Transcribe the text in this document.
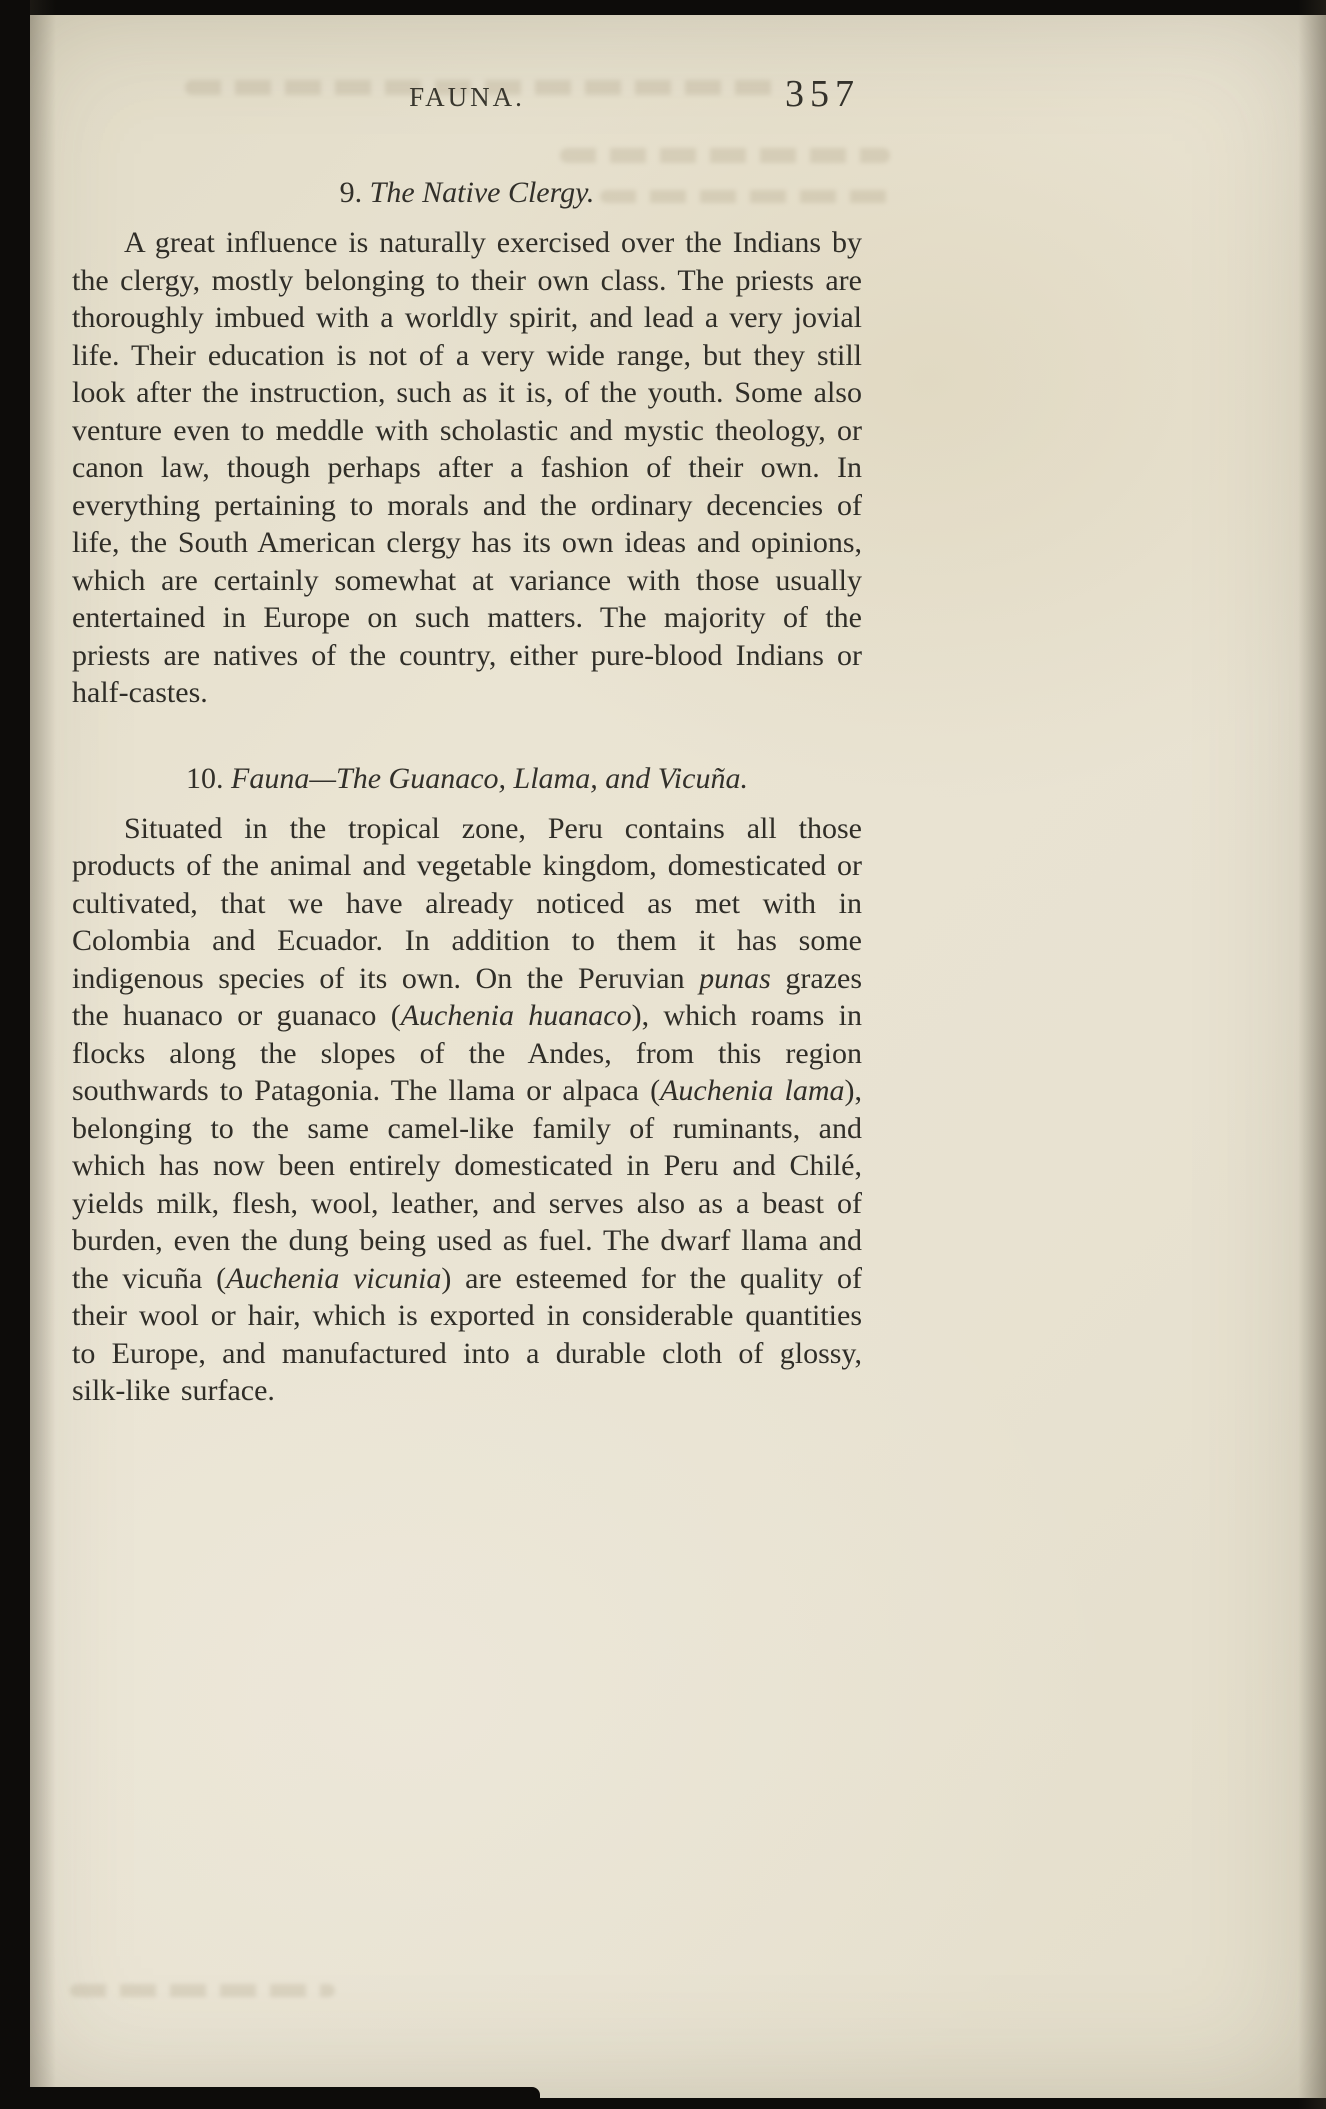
FAUNA.	357
9. The Native Clergy.

A great influence is naturally exercised over the Indians by the clergy, mostly belonging to their own class. The priests are thoroughly imbued with a worldly spirit, and lead a very jovial life. Their education is not of a very wide range, but they still look after the instruction, such as it is, of the youth. Some also venture even to meddle with scholastic and mystic theology, or canon law, though perhaps after a fashion of their own. In everything pertaining to morals and the ordinary decencies of life, the South American clergy has its own ideas and opinions, which are certainly somewhat at variance with those usually entertained in Europe on such matters. The majority of the priests are natives of the country, either pure-blood Indians or half-castes.

10. Fauna—The Guanaco, Llama, and Vicuña.

Situated in the tropical zone, Peru contains all those products of the animal and vegetable kingdom, domesticated or cultivated, that we have already noticed as met with in Colombia and Ecuador. In addition to them it has some indigenous species of its own. On the Peruvian punas grazes the huanaco or guanaco (Auchenia huanaco), which roams in flocks along the slopes of the Andes, from this region southwards to Patagonia. The llama or alpaca (Auchenia lama), belonging to the same camel-like family of ruminants, and which has now been entirely domesticated in Peru and Chilé, yields milk, flesh, wool, leather, and serves also as a beast of burden, even the dung being used as fuel. The dwarf llama and the vicuña (Auchenia vicunia) are esteemed for the quality of their wool or hair, which is exported in considerable quantities to Europe, and manufactured into a durable cloth of glossy, silk-like surface.
